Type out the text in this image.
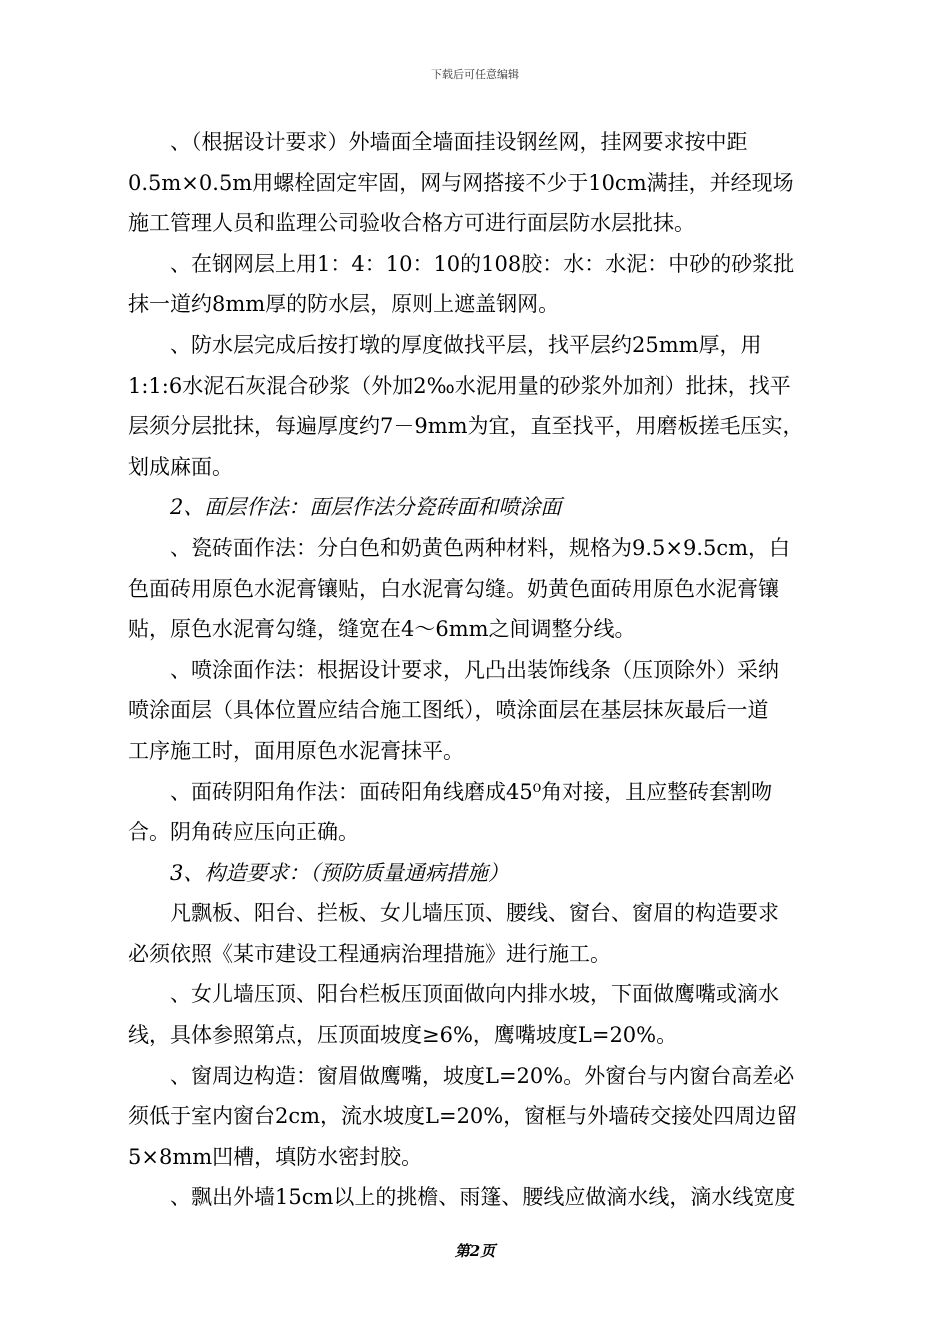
下载后可任意编辑
、（根据设计要求）外墙面全墙面挂设钢丝网，挂网要求按中距
0.5m×0.5m用螺栓固定牢固，网与网搭接不少于10cm满挂，并经现场
施工管理人员和监理公司验收合格方可进行面层防水层批抹。
、在钢网层上用1：4：10：10的108胶：水：水泥：中砂的砂浆批
抹一道约8mm厚的防水层，原则上遮盖钢网。
、防水层完成后按打墩的厚度做找平层，找平层约25mm厚，用
1:1:6水泥石灰混合砂浆（外加2‰水泥用量的砂浆外加剂）批抹，找平
层须分层批抹，每遍厚度约7－9mm为宜，直至找平，用磨板搓毛压实，
划成麻面。
2、面层作法：面层作法分瓷砖面和喷涂面
、瓷砖面作法：分白色和奶黄色两种材料，规格为9.5×9.5cm，白
色面砖用原色水泥膏镶贴，白水泥膏勾缝。奶黄色面砖用原色水泥膏镶
贴，原色水泥膏勾缝，缝宽在4～6mm之间调整分线。
、喷涂面作法：根据设计要求，凡凸出装饰线条（压顶除外）采纳
喷涂面层（具体位置应结合施工图纸），喷涂面层在基层抹灰最后一道
工序施工时，面用原色水泥膏抹平。
、面砖阴阳角作法：面砖阳角线磨成45⁰角对接，且应整砖套割吻
合。阴角砖应压向正确。
3、构造要求：（预防质量通病措施）
凡飘板、阳台、拦板、女儿墙压顶、腰线、窗台、窗眉的构造要求
必须依照《某市建设工程通病治理措施》进行施工。
、女儿墙压顶、阳台栏板压顶面做向内排水坡，下面做鹰嘴或滴水
线，具体参照第点，压顶面坡度≥6%，鹰嘴坡度L=20%。
、窗周边构造：窗眉做鹰嘴，坡度L=20%。外窗台与内窗台高差必
须低于室内窗台2cm，流水坡度L=20%，窗框与外墙砖交接处四周边留
5×8mm凹槽，填防水密封胶。
、飘出外墙15cm以上的挑檐、雨篷、腰线应做滴水线，滴水线宽度
第2页
